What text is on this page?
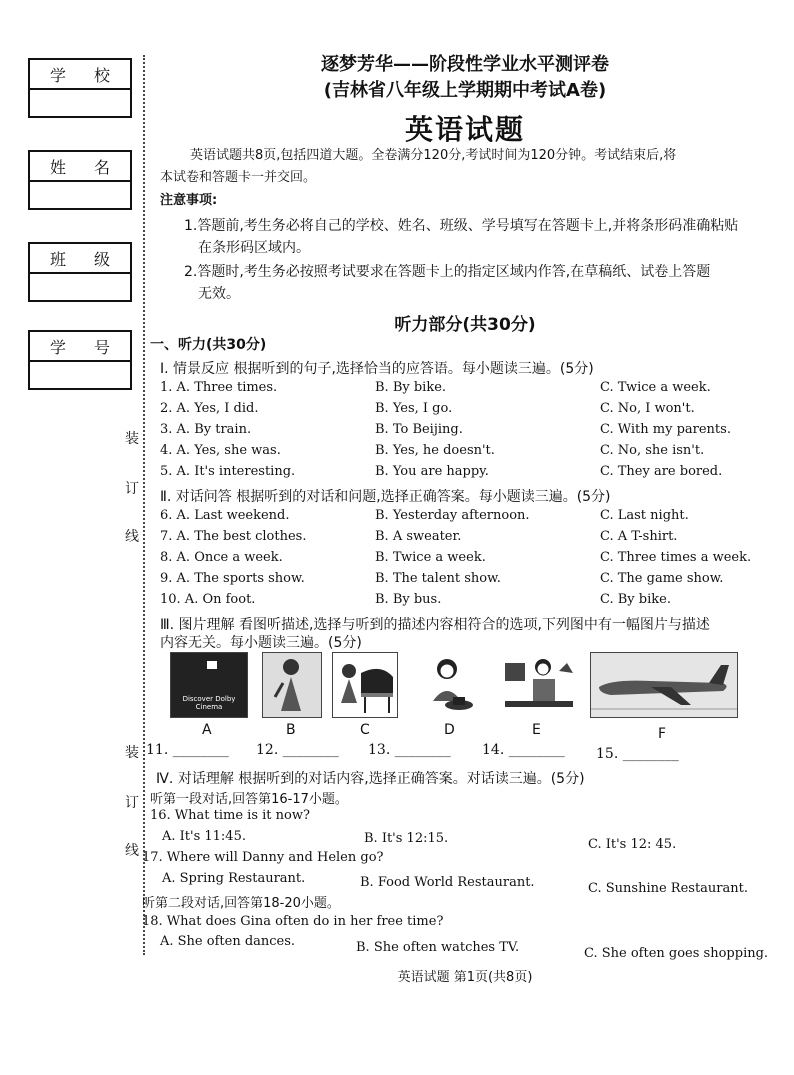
学 校
姓 名
班 级
学 号
装
订
线
装
订
线
逐梦芳华——阶段性学业水平测评卷
(吉林省八年级上学期期中考试A卷)
英语试题
英语试题共8页,包括四道大题。全卷满分120分,考试时间为120分钟。考试结束后,将
本试卷和答题卡一并交回。
注意事项:
1.答题前,考生务必将自己的学校、姓名、班级、学号填写在答题卡上,并将条形码准确粘贴
在条形码区域内。
2.答题时,考生务必按照考试要求在答题卡上的指定区域内作答,在草稿纸、试卷上答题
无效。
听力部分(共30分)
一、听力(共30分)
Ⅰ. 情景反应 根据听到的句子,选择恰当的应答语。每小题读三遍。(5分)
1. A. Three times.	B. By bike.	C. Twice a week.
2. A. Yes, I did.	B. Yes, I go.	C. No, I won't.
3. A. By train.	B. To Beijing.	C. With my parents.
4. A. Yes, she was.	B. Yes, he doesn't.	C. No, she isn't.
5. A. It's interesting.	B. You are happy.	C. They are bored.
Ⅱ. 对话问答 根据听到的对话和问题,选择正确答案。每小题读三遍。(5分)
6. A. Last weekend.	B. Yesterday afternoon.	C. Last night.
7. A. The best clothes.	B. A sweater.	C. A T-shirt.
8. A. Once a week.	B. Twice a week.	C. Three times a week.
9. A. The sports show.	B. The talent show.	C. The game show.
10. A. On foot.	B. By bus.	C. By bike.
Ⅲ. 图片理解 看图听描述,选择与听到的描述内容相符合的选项,下列图中有一幅图片与描述
内容无关。每小题读三遍。(5分)
Discover Dolby Cinema
A	B	C	D	E	F
11. ________ 12. ________ 13. ________ 14. ________ 15. ________
Ⅳ. 对话理解 根据听到的对话内容,选择正确答案。对话读三遍。(5分)
听第一段对话,回答第16-17小题。
16. What time is it now?
A. It's 11:45.	B. It's 12:15.	C. It's 12: 45.
17. Where will Danny and Helen go?
A. Spring Restaurant.	B. Food World Restaurant.	C. Sunshine Restaurant.
听第二段对话,回答第18-20小题。
18. What does Gina often do in her free time?
A. She often dances.	B. She often watches TV.	C. She often goes shopping.
英语试题 第1页(共8页)
